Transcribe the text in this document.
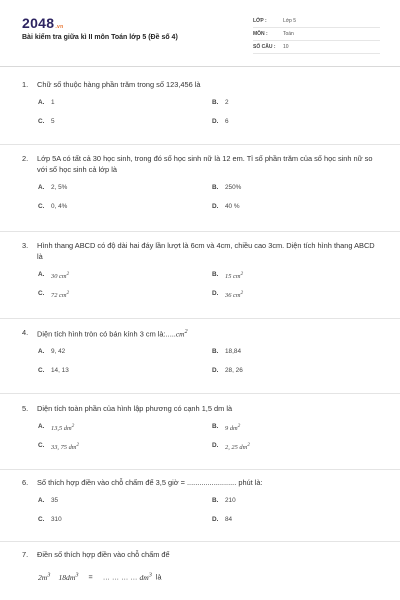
2048.vn
Bài kiểm tra giữa kì II môn Toán lớp 5 (Đề số 4)
LỚP :	Lớp 5
MÔN :	Toán
SỐ CÂU :	10
1.	Chữ số thuộc hàng phần trăm trong số 123,456 là
A.	1	B.	2
C.	5	D.	6
2.	Lớp 5A có tất cả 30 học sinh, trong đó số học sinh nữ là 12 em. Tỉ số phần trăm của số học sinh nữ so với số học sinh cả lớp là
A.	2, 5%	B.	250%
C.	0, 4%	D.	40 %
3.	Hình thang ABCD có độ dài hai đáy lần lượt là 6cm và 4cm, chiều cao 3cm. Diện tích hình thang ABCD là
A.	30 $cm^2$	B.	15 $cm^2$
C.	72 $cm^2$	D.	36 $cm^2$
4.	Diện tích hình tròn có bán kính 3 cm $là:.....cm^2$
A.	9, 42	B.	18,84
C.	14, 13	D.	28, 26
5.	Diện tích toàn phần của hình lập phương có cạnh 1,5 dm là
A.	13,5 $dm^2$	B.	9 $dm^2$
C.	33, 75 $dm^2$	D.	2, 25 $dm^2$
6.	Số thích hợp điền vào chỗ chấm để 3,5 giờ = ........................ phút là:
A.	35	B.	210
C.	310	D.	84
7.	Điền số thích hợp điền vào chỗ chấm để
$2m^3$ $18dm^3$ = … … … … $dm^3$ là
